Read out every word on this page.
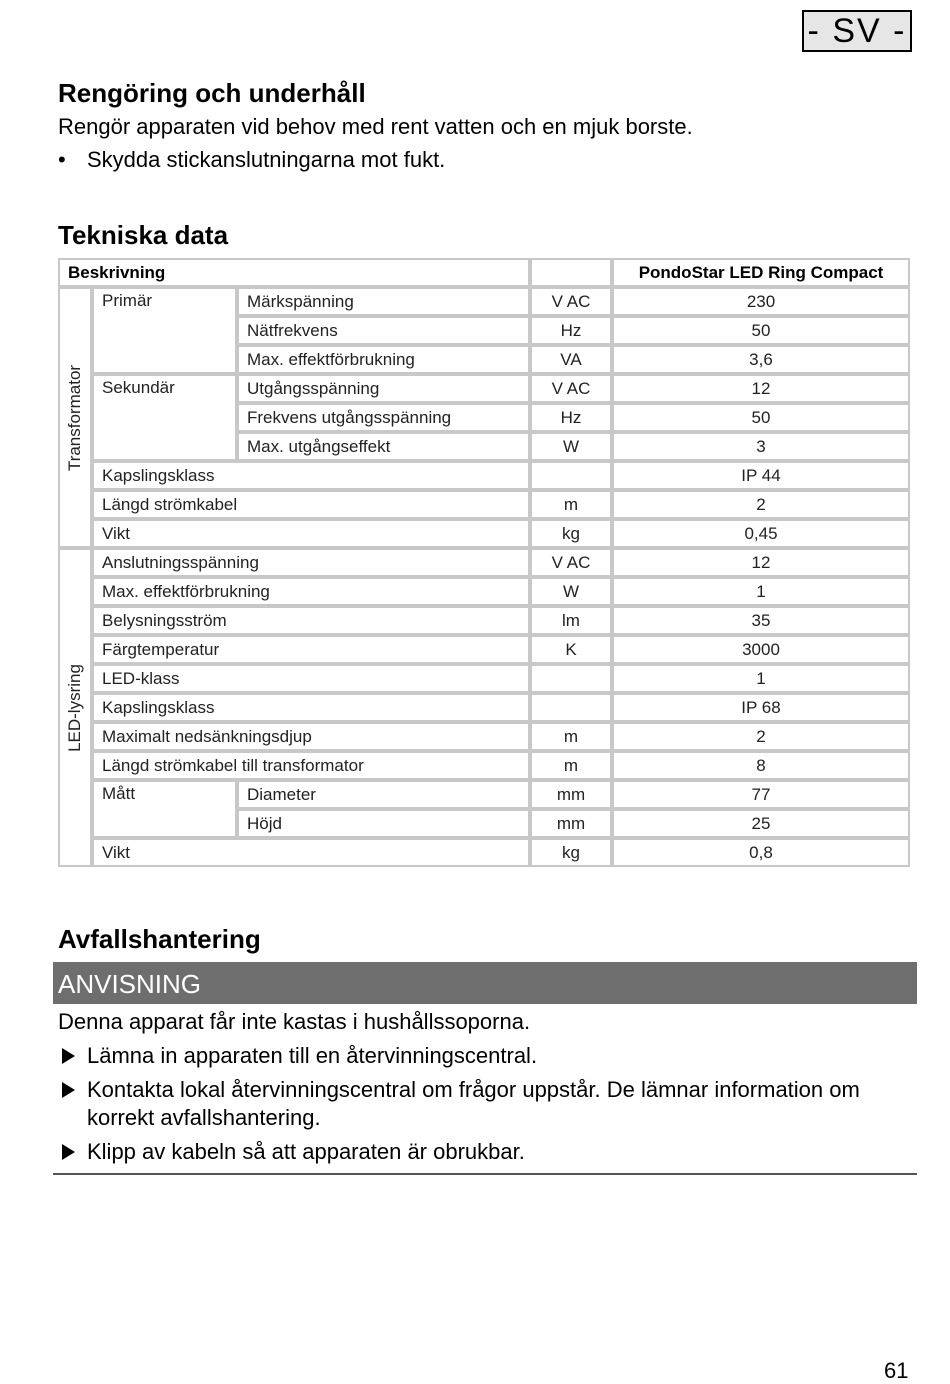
- SV -
Rengöring och underhåll

Rengör apparaten vid behov med rent vatten och en mjuk borste.

• Skydda stickanslutningarna mot fukt.
Tekniska data
Beskrivning				PondoStar LED Ring Compact

Transformator	Primär	Märkspänning	V AC	230
		Nätfrekvens	Hz	50
		Max. effektförbrukning	VA	3,6
	Sekundär	Utgångsspänning	V AC	12
		Frekvens utgångsspänning	Hz	50
		Max. utgångseffekt	W	3
	Kapslingsklass			IP 44
	Längd strömkabel		m	2
	Vikt		kg	0,45

LED-lysring	Anslutningsspänning		V AC	12
	Max. effektförbrukning		W	1
	Belysningsström		lm	35
	Färgtemperatur		K	3000
	LED-klass			1
	Kapslingsklass			IP 68
	Maximalt nedsänkningsdjup		m	2
	Längd strömkabel till transformator		m	8
	Mått	Diameter	mm	77
		Höjd	mm	25
	Vikt		kg	0,8
Avfallshantering
ANVISNING

Denna apparat får inte kastas i hushållssoporna.

Lämna in apparaten till en återvinningscentral.
Kontakta lokal återvinningscentral om frågor uppstår. De lämnar information om korrekt avfallshantering.
Klipp av kabeln så att apparaten är obrukbar.
61
